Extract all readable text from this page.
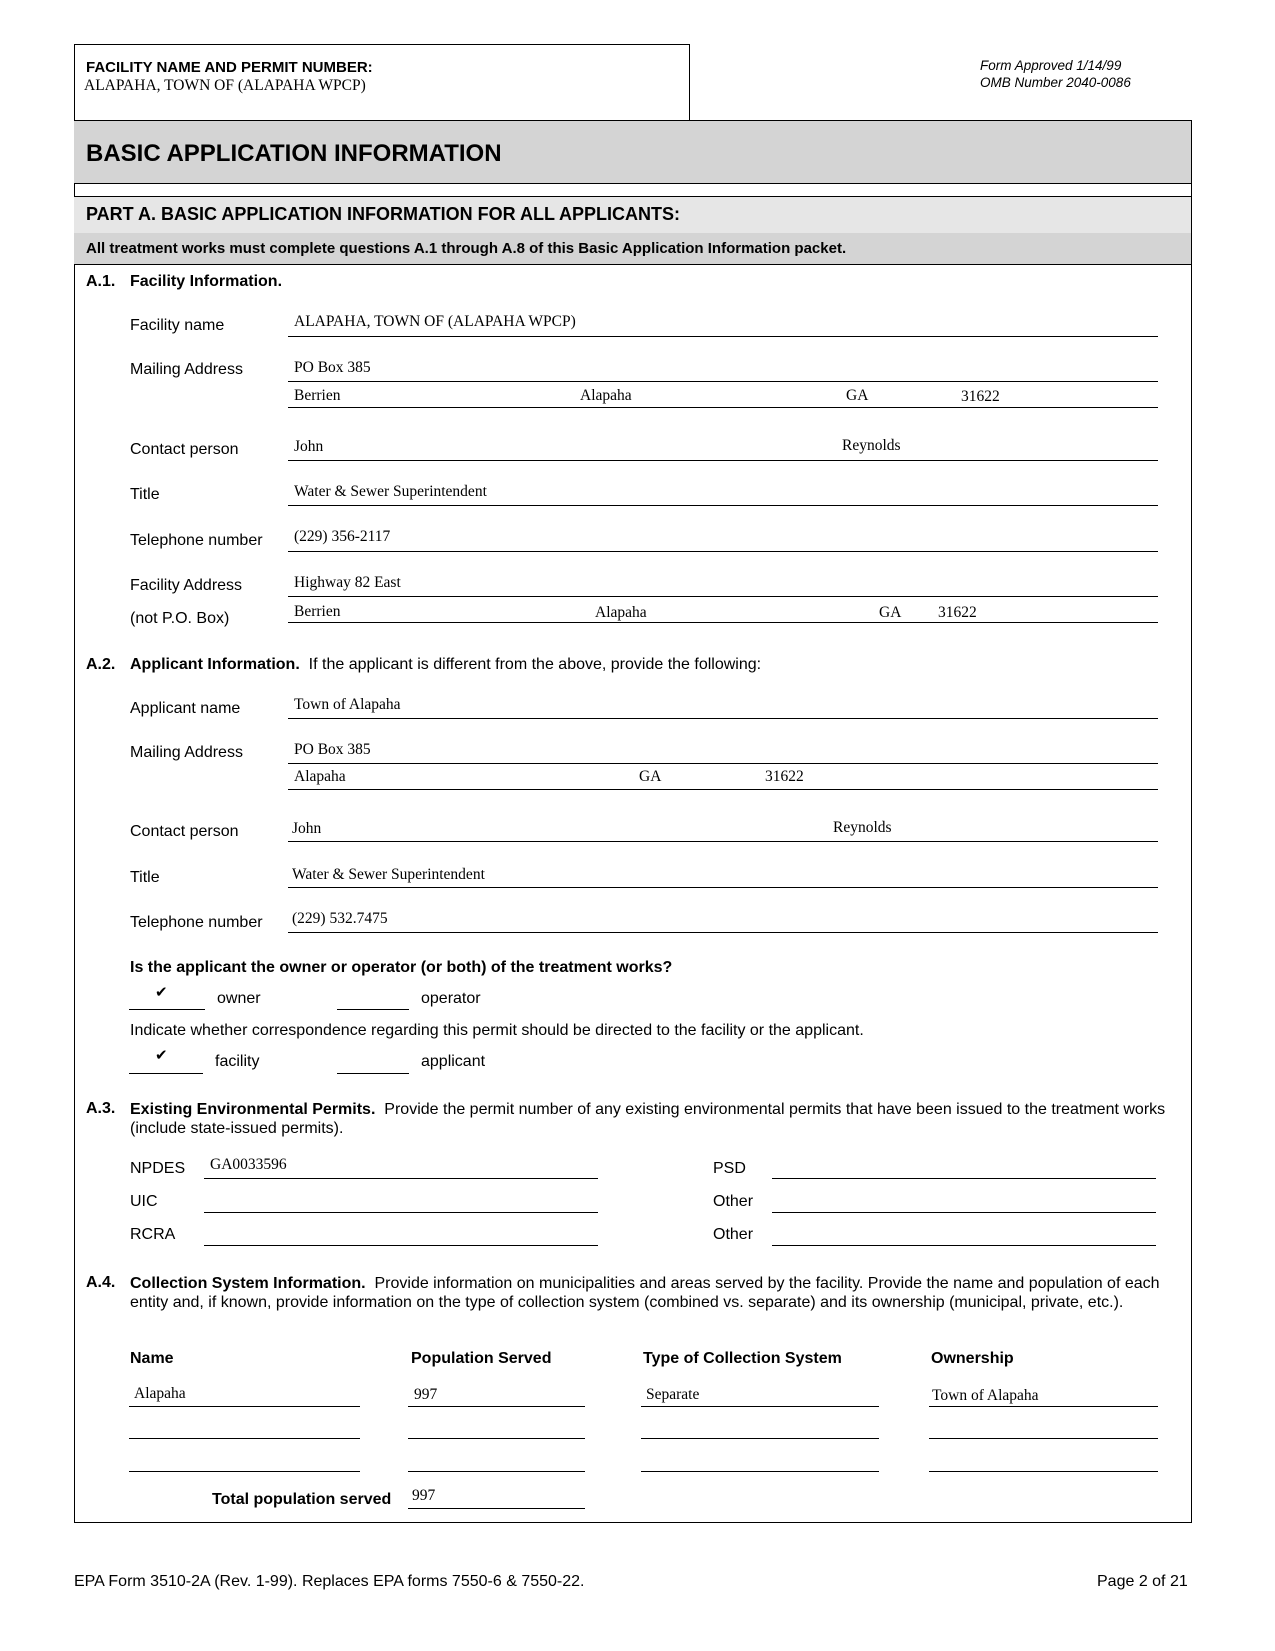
FACILITY NAME AND PERMIT NUMBER:
ALAPAHA, TOWN OF (ALAPAHA WPCP)
Form Approved 1/14/99
OMB Number 2040-0086
BASIC APPLICATION INFORMATION
PART A. BASIC APPLICATION INFORMATION FOR ALL APPLICANTS:
All treatment works must complete questions A.1 through A.8 of this Basic Application Information packet.
A.1. Facility Information.
Facility name	ALAPAHA, TOWN OF (ALAPAHA WPCP)
Mailing Address	PO Box 385
Berrien	Alapaha	GA	31622
Contact person	John	Reynolds
Title	Water & Sewer Superintendent
Telephone number (229) 356-2117
Facility Address
(not P.O. Box)
Highway 82 East
Berrien	Alapaha	GA 31622
A.2. Applicant Information. If the applicant is different from the above, provide the following:
Applicant name	Town of Alapaha
Mailing Address	PO Box 385
Alapaha	GA	31622
Contact person	John	Reynolds
Title	Water & Sewer Superintendent
Telephone number (229) 532.7475
Is the applicant the owner or operator (or both) of the treatment works?
✔	owner	operator
Indicate whether correspondence regarding this permit should be directed to the facility or the applicant.
✔	facility	applicant
A.3. Existing Environmental Permits. Provide the permit number of any existing environmental permits that have been issued to the treatment works (include state-issued permits).
NPDES GA0033596
UIC
RCRA
PSD
Other
Other
A.4. Collection System Information. Provide information on municipalities and areas served by the facility. Provide the name and population of each entity and, if known, provide information on the type of collection system (combined vs. separate) and its ownership (municipal, private, etc.).
Name	Population Served	Type of Collection System	Ownership
Alapaha	997	Separate	Town of Alapaha
Total population served 997
EPA Form 3510-2A (Rev. 1-99). Replaces EPA forms 7550-6 & 7550-22.	Page 2 of 21
